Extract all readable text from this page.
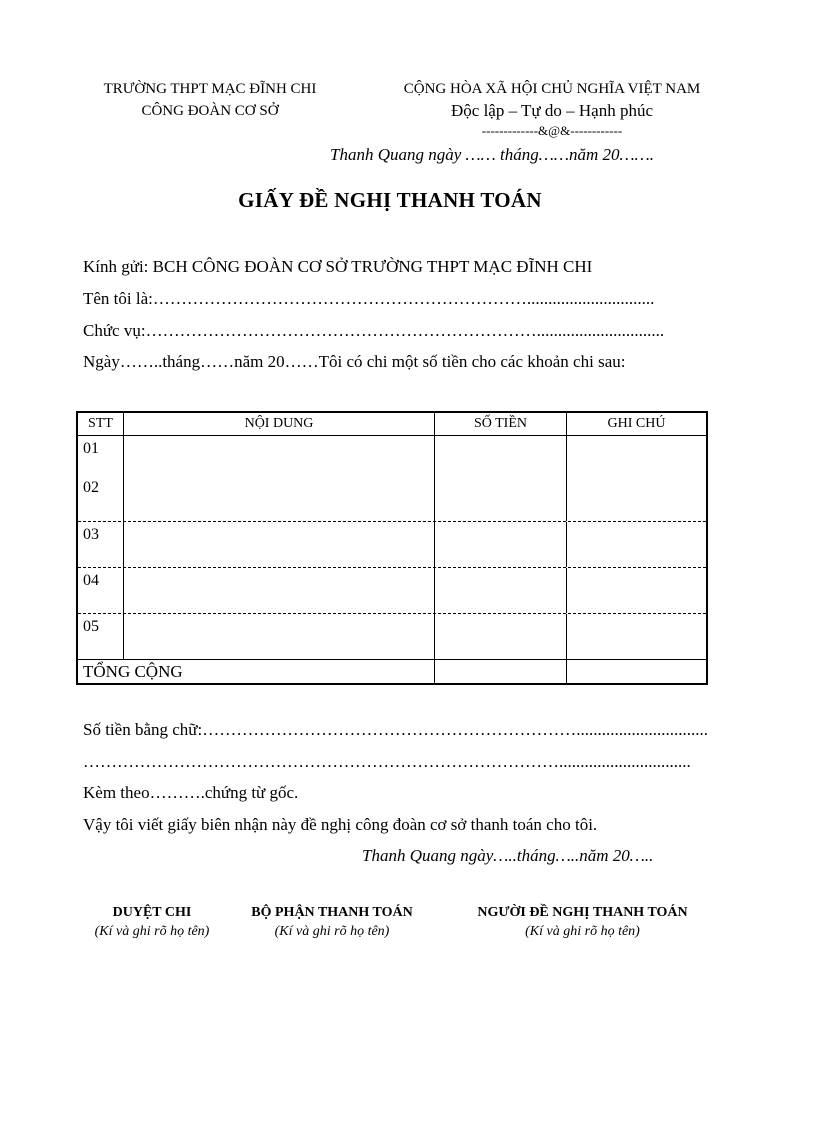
TRƯỜNG THPT MẠC ĐĨNH CHI
CÔNG ĐOÀN CƠ SỞ
CỘNG HÒA XÃ HỘI CHỦ NGHĨA VIỆT NAM
Độc lập – Tự do – Hạnh phúc
-------------&@&------------
Thanh Quang ngày …… tháng……năm 20…….
GIẤY ĐỀ NGHỊ THANH TOÁN
Kính gửi: BCH CÔNG ĐOÀN CƠ SỞ TRƯỜNG THPT MẠC ĐĨNH CHI
Tên tôi là:…………………………………………………………..............................
Chức vụ:……………………………………………………………..............................
Ngày……..tháng……năm 20……Tôi có chi một số tiền cho các khoản chi sau:
STT	NỘI DUNG	SỐ TIỀN	GHI CHÚ
01
02
03
04
05
TỔNG CỘNG
Số tiền bằng chữ:…………………………………………………………...............................
…………………………………………………………………………...............................
Kèm theo……….chứng từ gốc.
Vậy tôi viết giấy biên nhận này đề nghị công đoàn cơ sở thanh toán cho tôi.
Thanh Quang ngày…..tháng…..năm 20…..
DUYỆT CHI
(Kí và ghi rõ họ tên)
BỘ PHẬN THANH TOÁN
(Kí và ghi rõ họ tên)
NGƯỜI ĐỀ NGHỊ THANH TOÁN
(Kí và ghi rõ họ tên)
